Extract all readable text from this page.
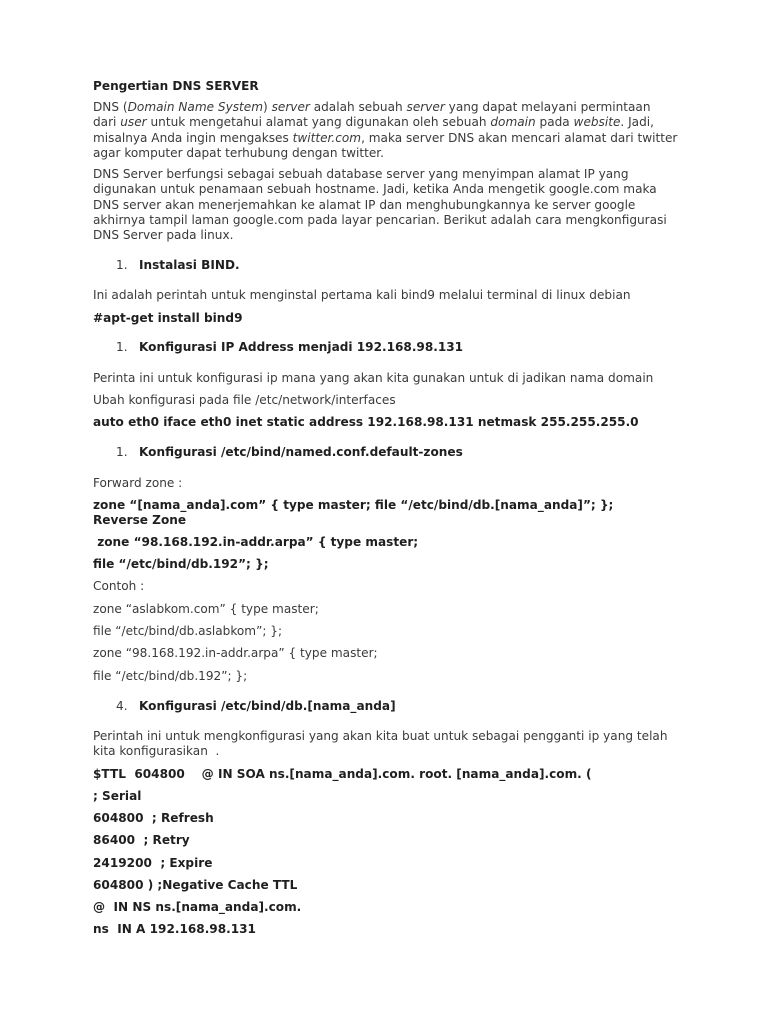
Pengertian DNS SERVER
DNS (Domain Name System) server adalah sebuah server yang dapat melayani permintaan
dari user untuk mengetahui alamat yang digunakan oleh sebuah domain pada website. Jadi,
misalnya Anda ingin mengakses twitter.com, maka server DNS akan mencari alamat dari twitter
agar komputer dapat terhubung dengan twitter.
DNS Server berfungsi sebagai sebuah database server yang menyimpan alamat IP yang
digunakan untuk penamaan sebuah hostname. Jadi, ketika Anda mengetik google.com maka
DNS server akan menerjemahkan ke alamat IP dan menghubungkannya ke server google
akhirnya tampil laman google.com pada layar pencarian. Berikut adalah cara mengkonfigurasi
DNS Server pada linux.
1. Instalasi BIND.
Ini adalah perintah untuk menginstal pertama kali bind9 melalui terminal di linux debian
#apt-get install bind9
1. Konfigurasi IP Address menjadi 192.168.98.131
Perinta ini untuk konfigurasi ip mana yang akan kita gunakan untuk di jadikan nama domain
Ubah konfigurasi pada file /etc/network/interfaces
auto eth0 iface eth0 inet static address 192.168.98.131 netmask 255.255.255.0
1. Konfigurasi /etc/bind/named.conf.default-zones
Forward zone :
zone “[nama_anda].com” { type master; file “/etc/bind/db.[nama_anda]”; };
Reverse Zone
zone “98.168.192.in-addr.arpa” { type master;
file “/etc/bind/db.192”; };
Contoh :
zone “aslabkom.com” { type master;
file “/etc/bind/db.aslabkom”; };
zone “98.168.192.in-addr.arpa” { type master;
file “/etc/bind/db.192”; };
4. Konfigurasi /etc/bind/db.[nama_anda]
Perintah ini untuk mengkonfigurasi yang akan kita buat untuk sebagai pengganti ip yang telah
kita konfigurasikan  .
$TTL  604800    @ IN SOA ns.[nama_anda].com. root. [nama_anda].com. (
; Serial
604800  ; Refresh
86400  ; Retry
2419200  ; Expire
604800 ) ;Negative Cache TTL
@  IN NS ns.[nama_anda].com.
ns  IN A 192.168.98.131
